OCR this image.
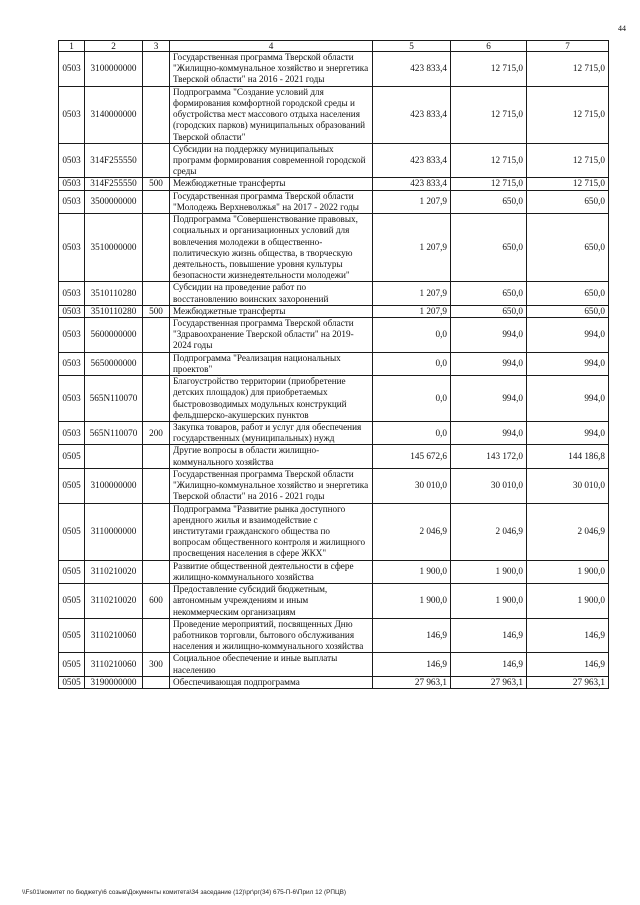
44
1	2	3	4	5	6	7
0503	3100000000		Государственная программа Тверской области "Жилищно-коммунальное хозяйство и энергетика Тверской области" на 2016 - 2021 годы	423 833,4	12 715,0	12 715,0
0503	3140000000		Подпрограмма "Создание условий для формирования комфортной городской среды и обустройства мест массового отдыха населения (городских парков) муниципальных образований Тверской области"	423 833,4	12 715,0	12 715,0
0503	314F255550		Субсидии на поддержку муниципальных программ формирования современной городской среды	423 833,4	12 715,0	12 715,0
0503	314F255550	500	Межбюджетные трансферты	423 833,4	12 715,0	12 715,0
0503	3500000000		Государственная программа Тверской области "Молодежь Верхневолжья" на 2017 - 2022 годы	1 207,9	650,0	650,0
0503	3510000000		Подпрограмма "Совершенствование правовых, социальных и организационных условий для вовлечения молодежи в общественно-политическую жизнь общества, в творческую деятельность, повышение уровня культуры безопасности жизнедеятельности молодежи"	1 207,9	650,0	650,0
0503	3510110280		Субсидии на проведение работ по восстановлению воинских захоронений	1 207,9	650,0	650,0
0503	3510110280	500	Межбюджетные трансферты	1 207,9	650,0	650,0
0503	5600000000		Государственная программа Тверской области "Здравоохранение Тверской области" на 2019-2024 годы	0,0	994,0	994,0
0503	5650000000		Подпрограмма "Реализация национальных проектов"	0,0	994,0	994,0
0503	565N110070		Благоустройство территории (приобретение детских площадок) для приобретаемых быстровозводимых модульных конструкций фельдшерско-акушерских пунктов	0,0	994,0	994,0
0503	565N110070	200	Закупка товаров, работ и услуг для обеспечения государственных (муниципальных) нужд	0,0	994,0	994,0
0505			Другие вопросы в области жилищно-коммунального хозяйства	145 672,6	143 172,0	144 186,8
0505	3100000000		Государственная программа Тверской области "Жилищно-коммунальное хозяйство и энергетика Тверской области" на 2016 - 2021 годы	30 010,0	30 010,0	30 010,0
0505	3110000000		Подпрограмма "Развитие рынка доступного арендного жилья и взаимодействие с институтами гражданского общества по вопросам общественного контроля и жилищного просвещения населения в сфере ЖКХ"	2 046,9	2 046,9	2 046,9
0505	3110210020		Развитие общественной деятельности в сфере жилищно-коммунального хозяйства	1 900,0	1 900,0	1 900,0
0505	3110210020	600	Предоставление субсидий бюджетным, автономным учреждениям и иным некоммерческим организациям	1 900,0	1 900,0	1 900,0
0505	3110210060		Проведение мероприятий, посвященных Дню работников торговли, бытового обслуживания населения и жилищно-коммунального хозяйства	146,9	146,9	146,9
0505	3110210060	300	Социальное обеспечение и иные выплаты населению	146,9	146,9	146,9
0505	3190000000		Обеспечивающая подпрограмма	27 963,1	27 963,1	27 963,1
\\Fs01\комитет по бюджету\6 созыв\Документы комитета\34 заседание (12)\рг\рг(34) 675-П-6\Прил 12 (РПЦВ)
